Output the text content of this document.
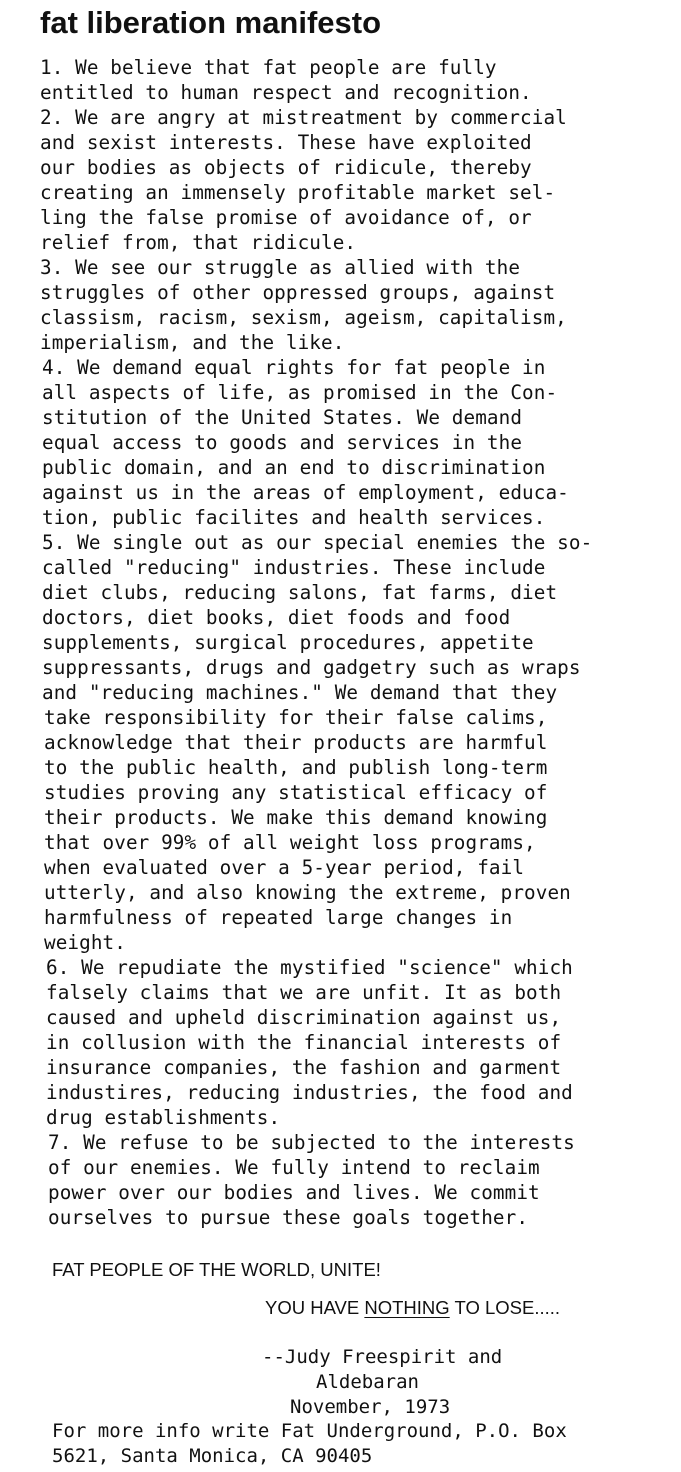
fat liberation manifesto
1. We believe that fat people are fully
entitled to human respect and recognition.
2. We are angry at mistreatment by commercial
and sexist interests. These have exploited
our bodies as objects of ridicule, thereby
creating an immensely profitable market sel-
ling the false promise of avoidance of, or
relief from, that ridicule.
3. We see our struggle as allied with the
struggles of other oppressed groups, against
classism, racism, sexism, ageism, capitalism,
imperialism, and the like.
4. We demand equal rights for fat people in
all aspects of life, as promised in the Con-
stitution of the United States. We demand
equal access to goods and services in the
public domain, and an end to discrimination
against us in the areas of employment, educa-
tion, public facilites and health services.
5. We single out as our special enemies the so-
called "reducing" industries. These include
diet clubs, reducing salons, fat farms, diet
doctors, diet books, diet foods and food
supplements, surgical procedures, appetite
suppressants, drugs and gadgetry such as wraps
and "reducing machines." We demand that they
take responsibility for their false calims,
acknowledge that their products are harmful
to the public health, and publish long-term
studies proving any statistical efficacy of
their products. We make this demand knowing
that over 99% of all weight loss programs,
when evaluated over a 5-year period, fail
utterly, and also knowing the extreme, proven
harmfulness of repeated large changes in
weight.
6. We repudiate the mystified "science" which
falsely claims that we are unfit. It as both
caused and upheld discrimination against us,
in collusion with the financial interests of
insurance companies, the fashion and garment
industires, reducing industries, the food and
drug establishments.
7. We refuse to be subjected to the interests
of our enemies. We fully intend to reclaim
power over our bodies and lives. We commit
ourselves to pursue these goals together.
FAT PEOPLE OF THE WORLD, UNITE!
YOU HAVE NOTHING TO LOSE.....
--Judy Freespirit and
Aldebaran
November, 1973
For more info write Fat Underground, P.O. Box
5621, Santa Monica, CA 90405
